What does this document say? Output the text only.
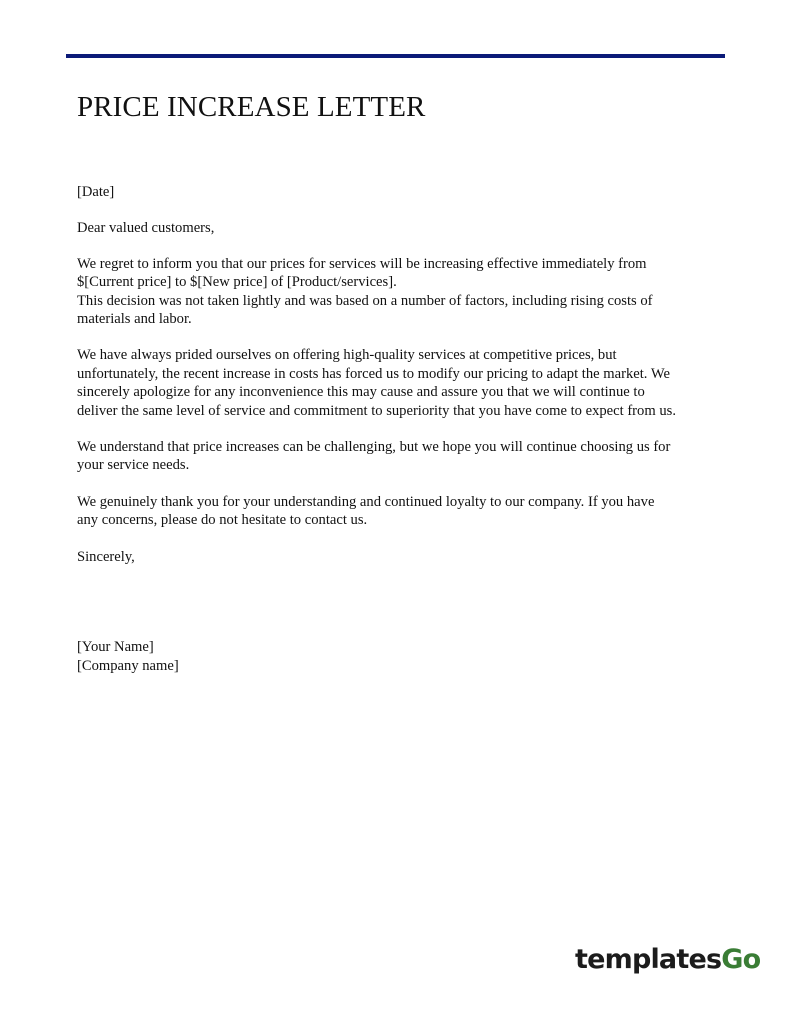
PRICE INCREASE LETTER

[Date]

Dear valued customers,

We regret to inform you that our prices for services will be increasing effective immediately from
$[Current price] to $[New price] of [Product/services].
This decision was not taken lightly and was based on a number of factors, including rising costs of
materials and labor.

We have always prided ourselves on offering high-quality services at competitive prices, but
unfortunately, the recent increase in costs has forced us to modify our pricing to adapt the market. We
sincerely apologize for any inconvenience this may cause and assure you that we will continue to
deliver the same level of service and commitment to superiority that you have come to expect from us.

We understand that price increases can be challenging, but we hope you will continue choosing us for
your service needs.

We genuinely thank you for your understanding and continued loyalty to our company. If you have
any concerns, please do not hesitate to contact us.

Sincerely,

[Your Name]
[Company name]

templatesGo
